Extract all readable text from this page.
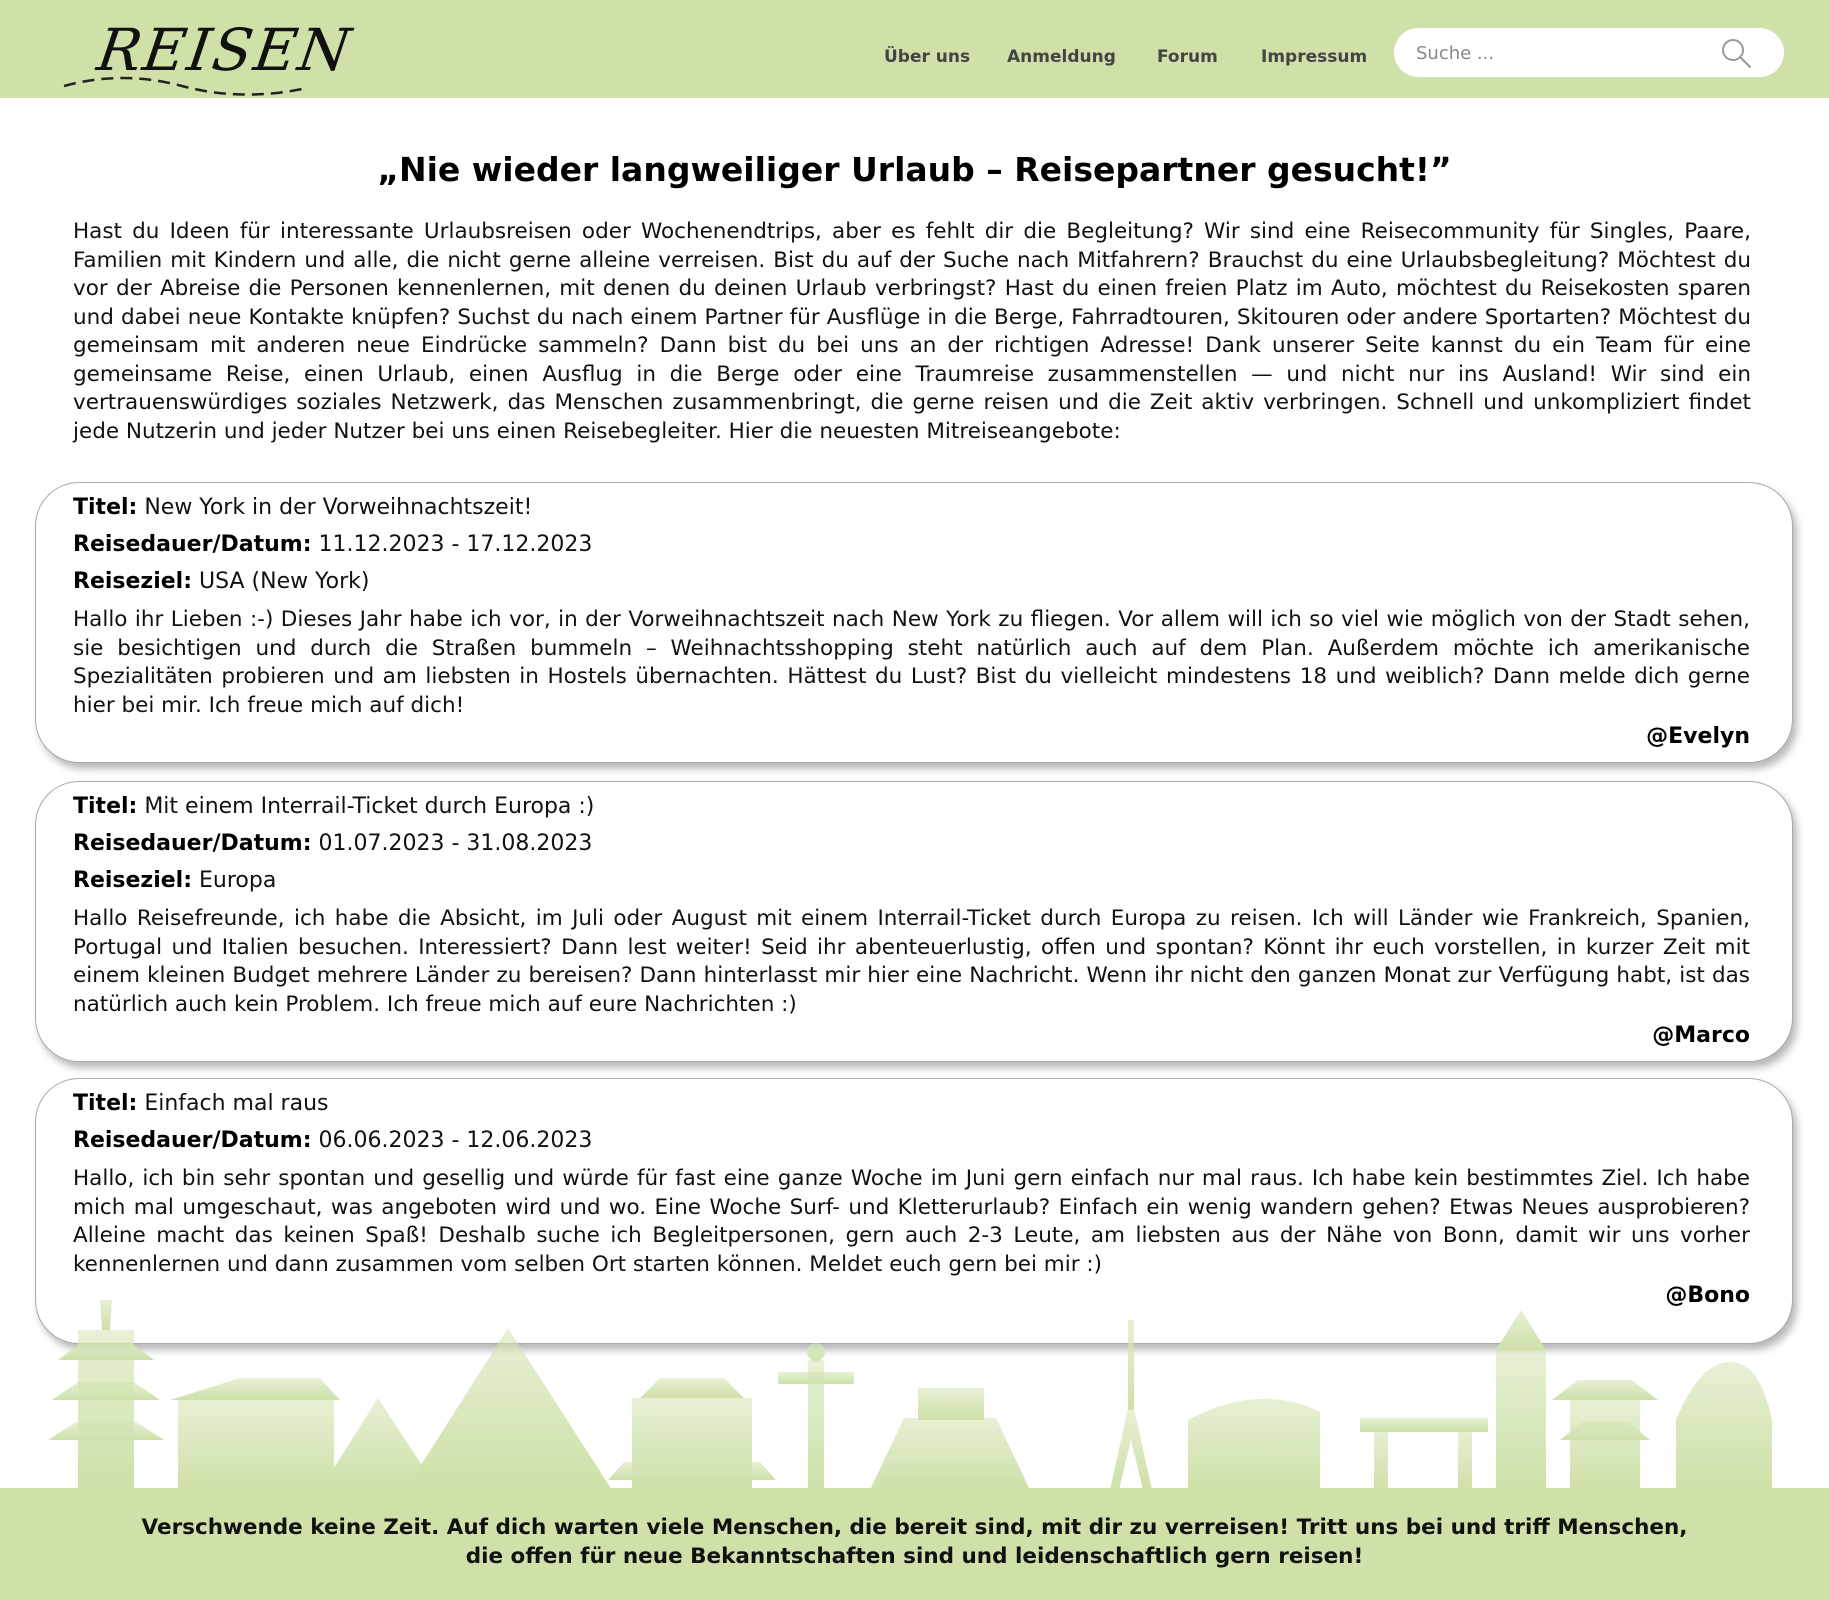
REISEN	Über uns Anmeldung Forum	Impressum
Suche ...
„Nie wieder langweiliger Urlaub – Reisepartner gesucht!”

Hast du Ideen für interessante Urlaubsreisen oder Wochenendtrips, aber es fehlt dir die Begleitung? Wir sind eine Reisecommunity für Singles, Paare, Familien mit Kindern und alle, die nicht gerne alleine verreisen. Bist du auf der Suche nach Mitfahrern? Brauchst du eine Urlaubsbegleitung? Möchtest du vor der Abreise die Personen kennenlernen, mit denen du deinen Urlaub verbringst? Hast du einen freien Platz im Auto, möchtest du Reisekosten sparen und dabei neue Kontakte knüpfen? Suchst du nach einem Partner für Ausflüge in die Berge, Fahrradtouren, Skitouren oder andere Sportarten? Möchtest du gemeinsam mit anderen neue Eindrücke sammeln? Dann bist du bei uns an der richtigen Adresse! Dank unserer Seite kannst du ein Team für eine gemeinsame Reise, einen Urlaub, einen Ausflug in die Berge oder eine Traumreise zusammenstellen — und nicht nur ins Ausland! Wir sind ein vertrauenswürdiges soziales Netzwerk, das Menschen zusammenbringt, die gerne reisen und die Zeit aktiv verbringen. Schnell und unkompliziert findet jede Nutzerin und jeder Nutzer bei uns einen Reisebegleiter. Hier die neuesten Mitreiseangebote:

Titel: New York in der Vorweihnachtszeit!
Reisedauer/Datum: 11.12.2023 - 17.12.2023
Reiseziel: USA (New York)

Hallo ihr Lieben :-) Dieses Jahr habe ich vor, in der Vorweihnachtszeit nach New York zu fliegen. Vor allem will ich so viel wie möglich von der Stadt sehen, sie besichtigen und durch die Straßen bummeln – Weihnachtsshopping steht natürlich auch auf dem Plan. Außerdem möchte ich amerikanische Spezialitäten probieren und am liebsten in Hostels übernachten. Hättest du Lust? Bist du vielleicht mindestens 18 und weiblich? Dann melde dich gerne hier bei mir. Ich freue mich auf dich!

@Evelyn
Titel: Mit einem Interrail-Ticket durch Europa :)
Reisedauer/Datum: 01.07.2023 - 31.08.2023
Reiseziel: Europa

Hallo Reisefreunde, ich habe die Absicht, im Juli oder August mit einem Interrail-Ticket durch Europa zu reisen. Ich will Länder wie Frankreich, Spanien, Portugal und Italien besuchen. Interessiert? Dann lest weiter! Seid ihr abenteuerlustig, offen und spontan? Könnt ihr euch vorstellen, in kurzer Zeit mit einem kleinen Budget mehrere Länder zu bereisen? Dann hinterlasst mir hier eine Nachricht. Wenn ihr nicht den ganzen Monat zur Verfügung habt, ist das natürlich auch kein Problem. Ich freue mich auf eure Nachrichten :)

@Marco
Titel: Einfach mal raus
Reisedauer/Datum: 06.06.2023 - 12.06.2023

Hallo, ich bin sehr spontan und gesellig und würde für fast eine ganze Woche im Juni gern einfach nur mal raus. Ich habe kein bestimmtes Ziel. Ich habe mich mal umgeschaut, was angeboten wird und wo. Eine Woche Surf- und Kletterurlaub? Einfach ein wenig wandern gehen? Etwas Neues ausprobieren? Alleine macht das keinen Spaß! Deshalb suche ich Begleitpersonen, gern auch 2-3 Leute, am liebsten aus der Nähe von Bonn, damit wir uns vorher kennenlernen und dann zusammen vom selben Ort starten können. Meldet euch gern bei mir :)

@Bono
Verschwende keine Zeit. Auf dich warten viele Menschen, die bereit sind, mit dir zu verreisen! Tritt uns bei und triff Menschen,
die offen für neue Bekanntschaften sind und leidenschaftlich gern reisen!
